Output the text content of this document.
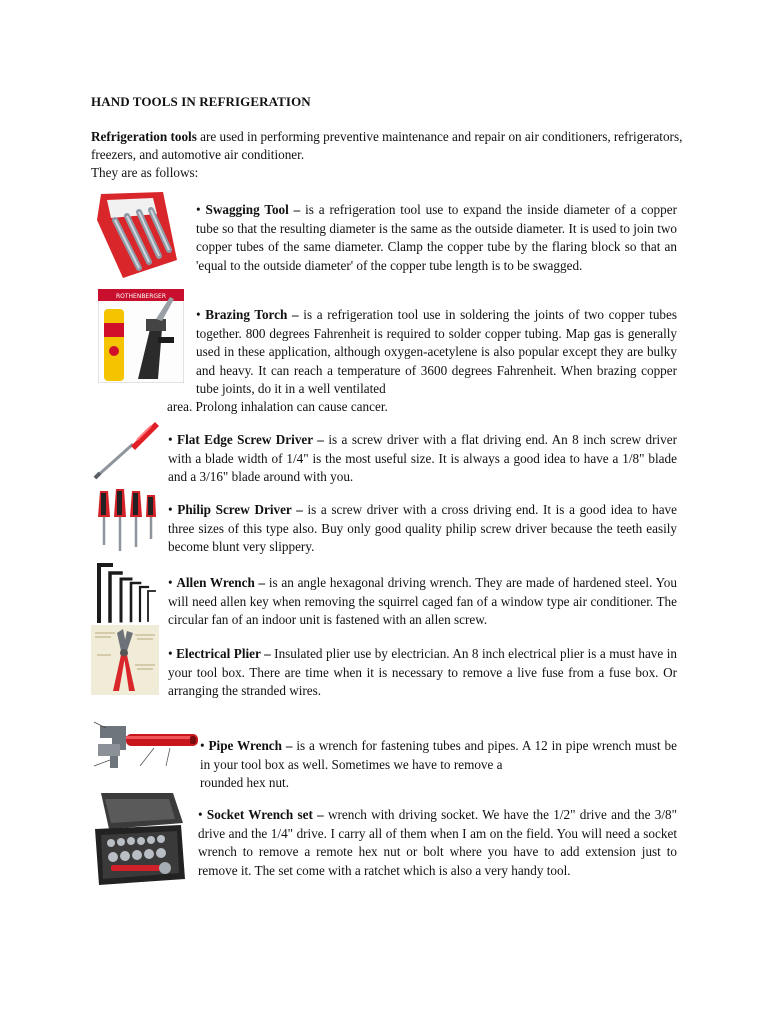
HAND TOOLS IN REFRIGERATION
Refrigeration tools are used in performing preventive maintenance and repair on air conditioners, refrigerators, freezers, and automotive air conditioner.
They are as follows:
• Swagging Tool – is a refrigeration tool use to expand the inside diameter of a copper tube so that the resulting diameter is the same as the outside diameter. It is used to join two copper tubes of the same diameter. Clamp the copper tube by the flaring block so that an 'equal to the outside diameter' of the copper tube length is to be swagged.
ROTHENBERGER
• Brazing Torch – is a refrigeration tool use in soldering the joints of two copper tubes together. 800 degrees Fahrenheit is required to solder copper tubing. Map gas is generally used in these application, although oxygen-acetylene is also popular except they are bulky and heavy. It can reach a temperature of 3600 degrees Fahrenheit. When brazing copper tube joints, do it in a well ventilated
area. Prolong inhalation can cause cancer.
• Flat Edge Screw Driver – is a screw driver with a flat driving end. An 8 inch screw driver with a blade width of 1/4" is the most useful size. It is always a good idea to have a 1/8" blade and a 3/16" blade around with you.
• Philip Screw Driver – is a screw driver with a cross driving end. It is a good idea to have three sizes of this type also. Buy only good quality philip screw driver because the teeth easily become blunt very slippery.
• Allen Wrench – is an angle hexagonal driving wrench. They are made of hardened steel. You will need allen key when removing the squirrel caged fan of a window type air conditioner. The circular fan of an indoor unit is fastened with an allen screw.
• Electrical Plier – Insulated plier use by electrician. An 8 inch electrical plier is a must have in your tool box. There are time when it is necessary to remove a live fuse from a fuse box. Or arranging the stranded wires.
• Pipe Wrench – is a wrench for fastening tubes and pipes. A 12 in pipe wrench must be in your tool box as well. Sometimes we have to remove a
rounded hex nut.
• Socket Wrench set – wrench with driving socket. We have the 1/2" drive and the 3/8" drive and the 1/4" drive. I carry all of them when I am on the field. You will need a socket wrench to remove a remote hex nut or bolt where you have to add extension just to remove it. The set come with a ratchet which is also a very handy tool.
